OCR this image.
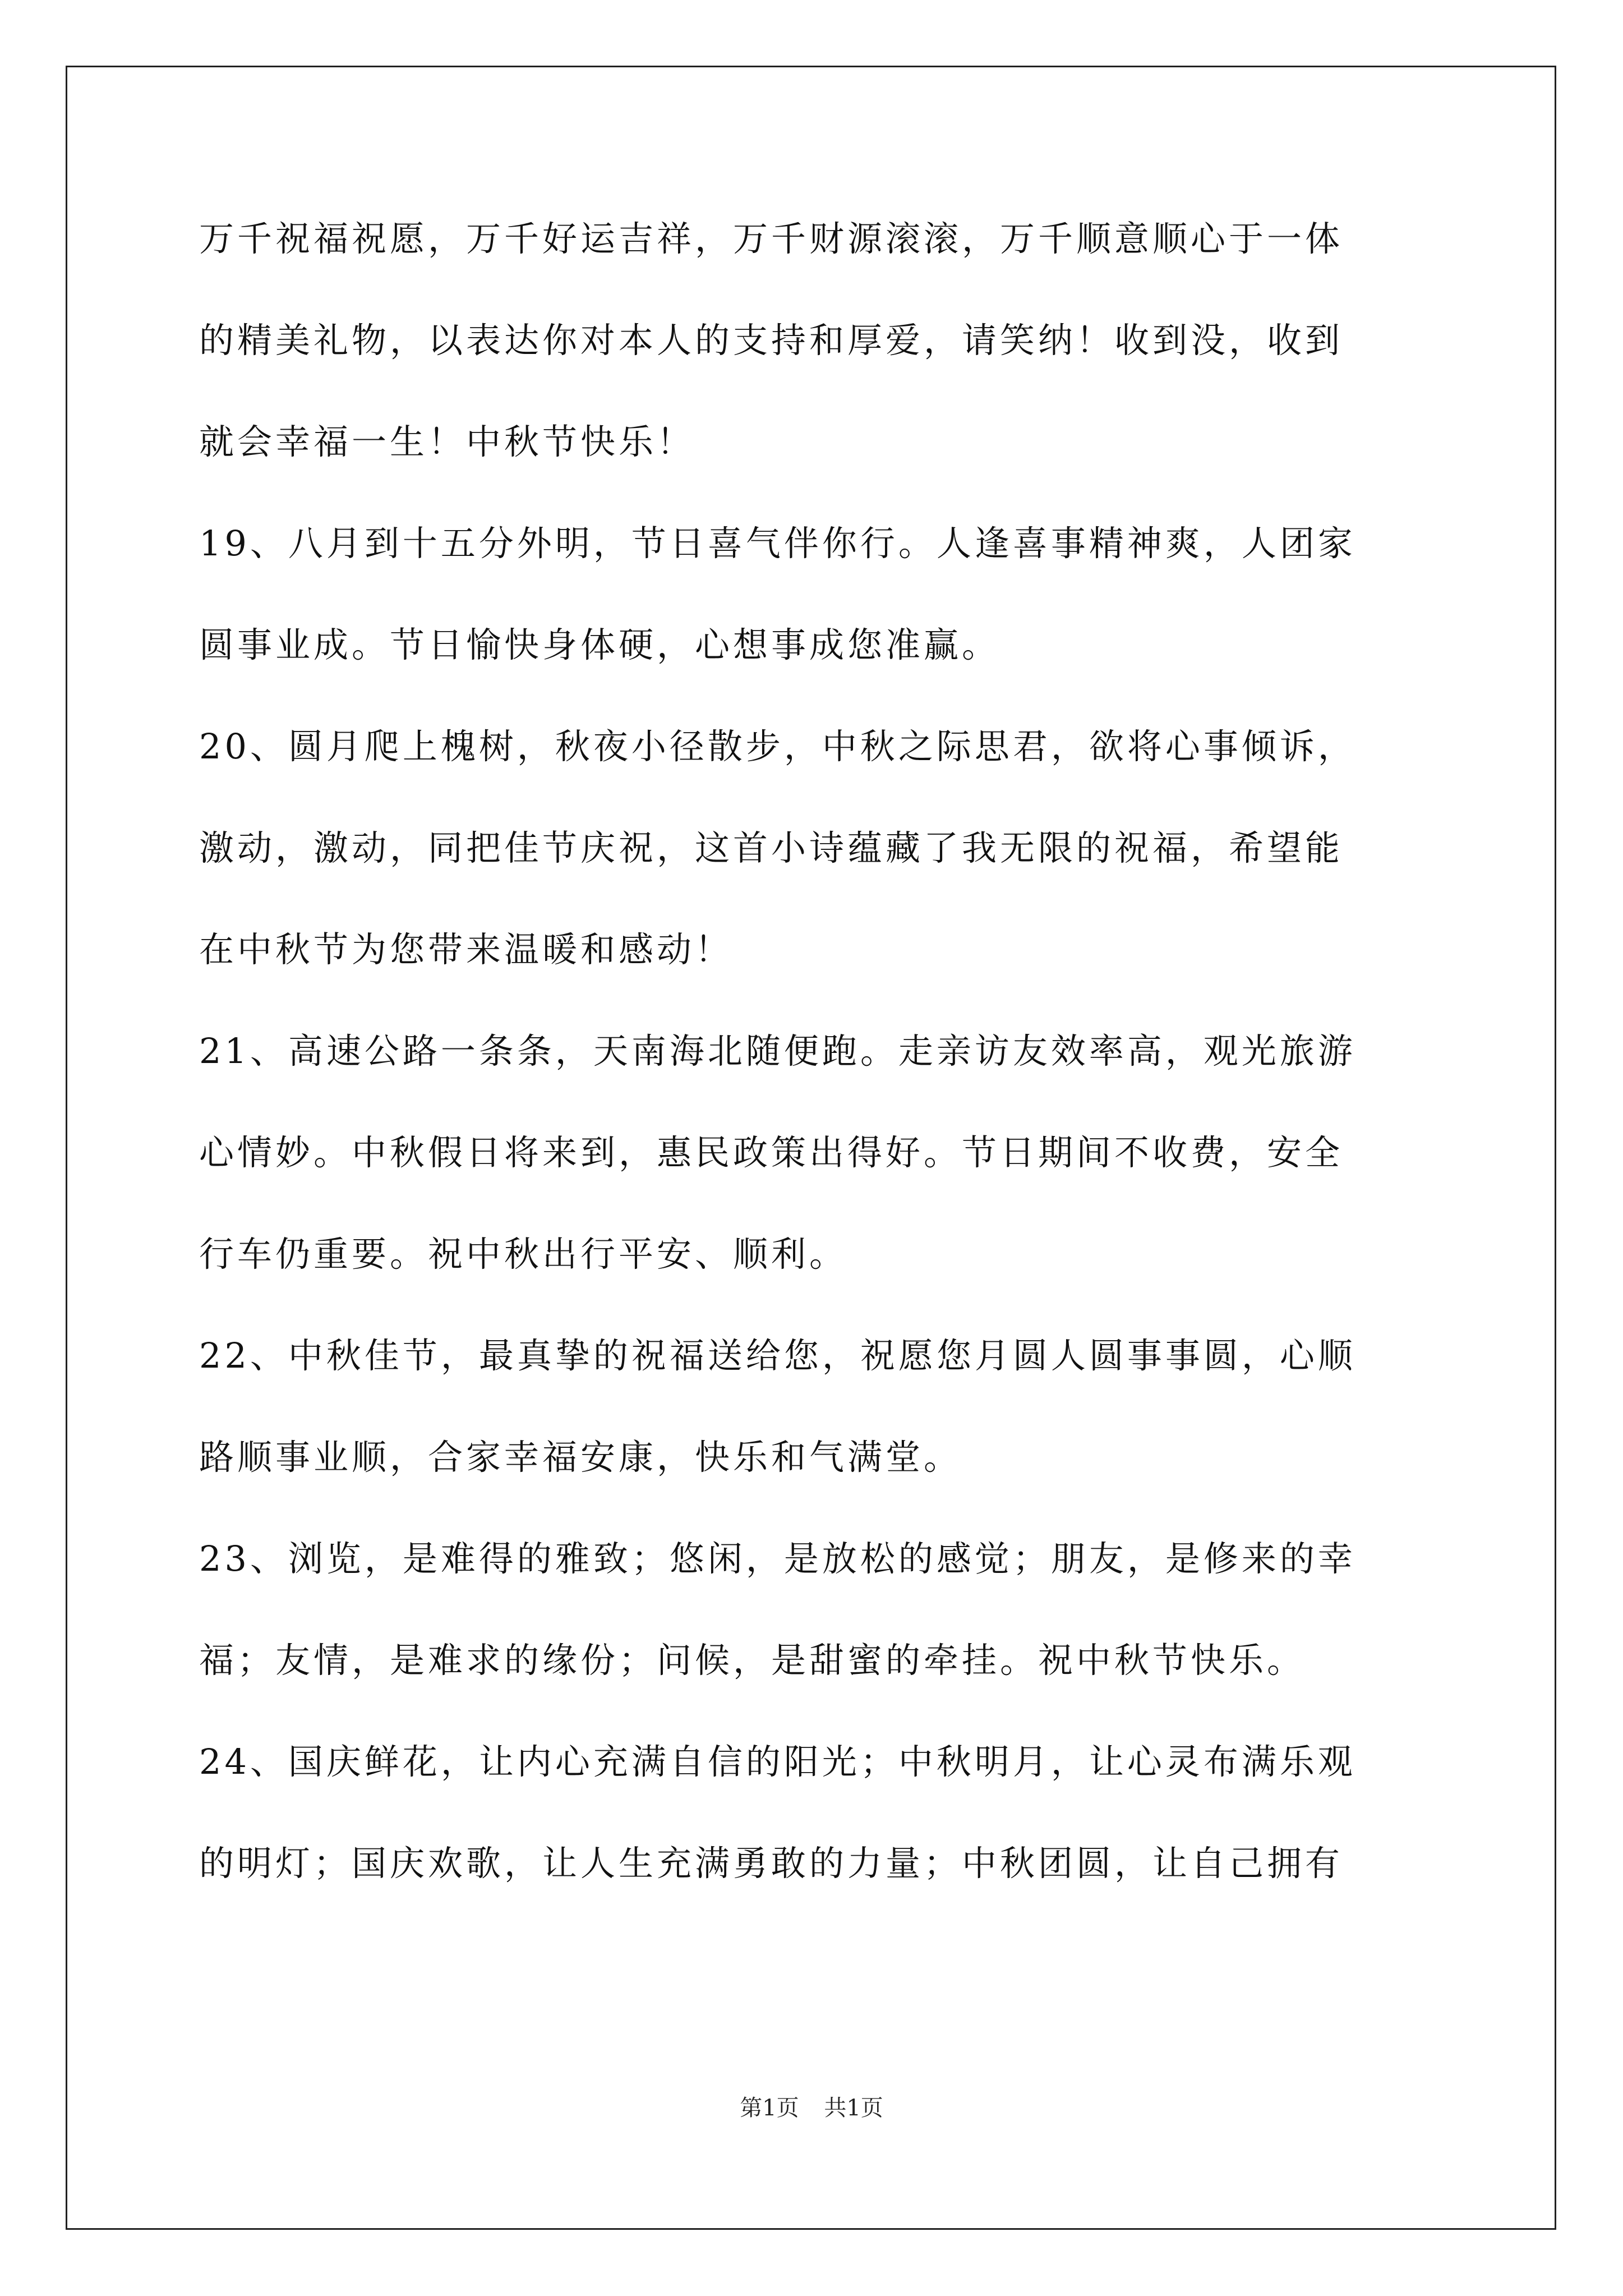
万千祝福祝愿，万千好运吉祥，万千财源滚滚，万千顺意顺心于一体
的精美礼物，以表达你对本人的支持和厚爱，请笑纳！收到没，收到
就会幸福一生！中秋节快乐！
19、八月到十五分外明，节日喜气伴你行。人逢喜事精神爽，人团家
圆事业成。节日愉快身体硬，心想事成您准赢。
20、圆月爬上槐树，秋夜小径散步，中秋之际思君，欲将心事倾诉，
激动，激动，同把佳节庆祝，这首小诗蕴藏了我无限的祝福，希望能
在中秋节为您带来温暖和感动！
21、高速公路一条条，天南海北随便跑。走亲访友效率高，观光旅游
心情妙。中秋假日将来到，惠民政策出得好。节日期间不收费，安全
行车仍重要。祝中秋出行平安、顺利。
22、中秋佳节，最真挚的祝福送给您，祝愿您月圆人圆事事圆，心顺
路顺事业顺，合家幸福安康，快乐和气满堂。
23、浏览，是难得的雅致；悠闲，是放松的感觉；朋友，是修来的幸
福；友情，是难求的缘份；问候，是甜蜜的牵挂。祝中秋节快乐。
24、国庆鲜花，让内心充满自信的阳光；中秋明月，让心灵布满乐观
的明灯；国庆欢歌，让人生充满勇敢的力量；中秋团圆，让自己拥有
第1页 共1页
